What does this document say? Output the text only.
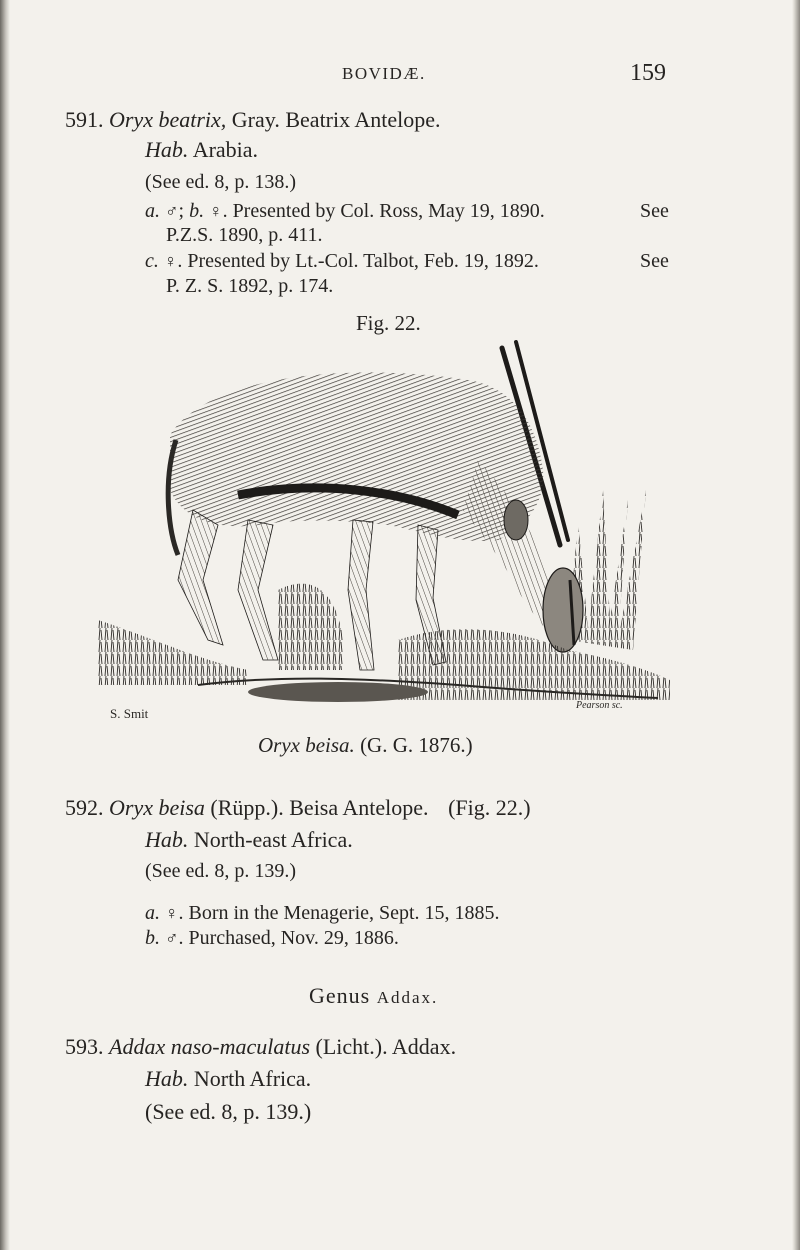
BOVIDÆ.	159
591. Oryx beatrix, Gray. Beatrix Antelope.
Hab. Arabia.
(See ed. 8, p. 138.)
a. ♂; b. ♀. Presented by Col. Ross, May 19, 1890.	See
P.Z.S. 1890, p. 411.
c. ♀. Presented by Lt.-Col. Talbot, Feb. 19, 1892.	See
P. Z. S. 1892, p. 174.
Fig. 22.
S. Smit
Pearson sc.
Oryx beisa. (G. G. 1876.)
592. Oryx beisa (Rüpp.). Beisa Antelope. (Fig. 22.)
Hab. North-east Africa.
(See ed. 8, p. 139.)
a. ♀. Born in the Menagerie, Sept. 15, 1885.
b. ♂. Purchased, Nov. 29, 1886.
Genus Addax.
593. Addax naso-maculatus (Licht.). Addax.
Hab. North Africa.
(See ed. 8, p. 139.)
